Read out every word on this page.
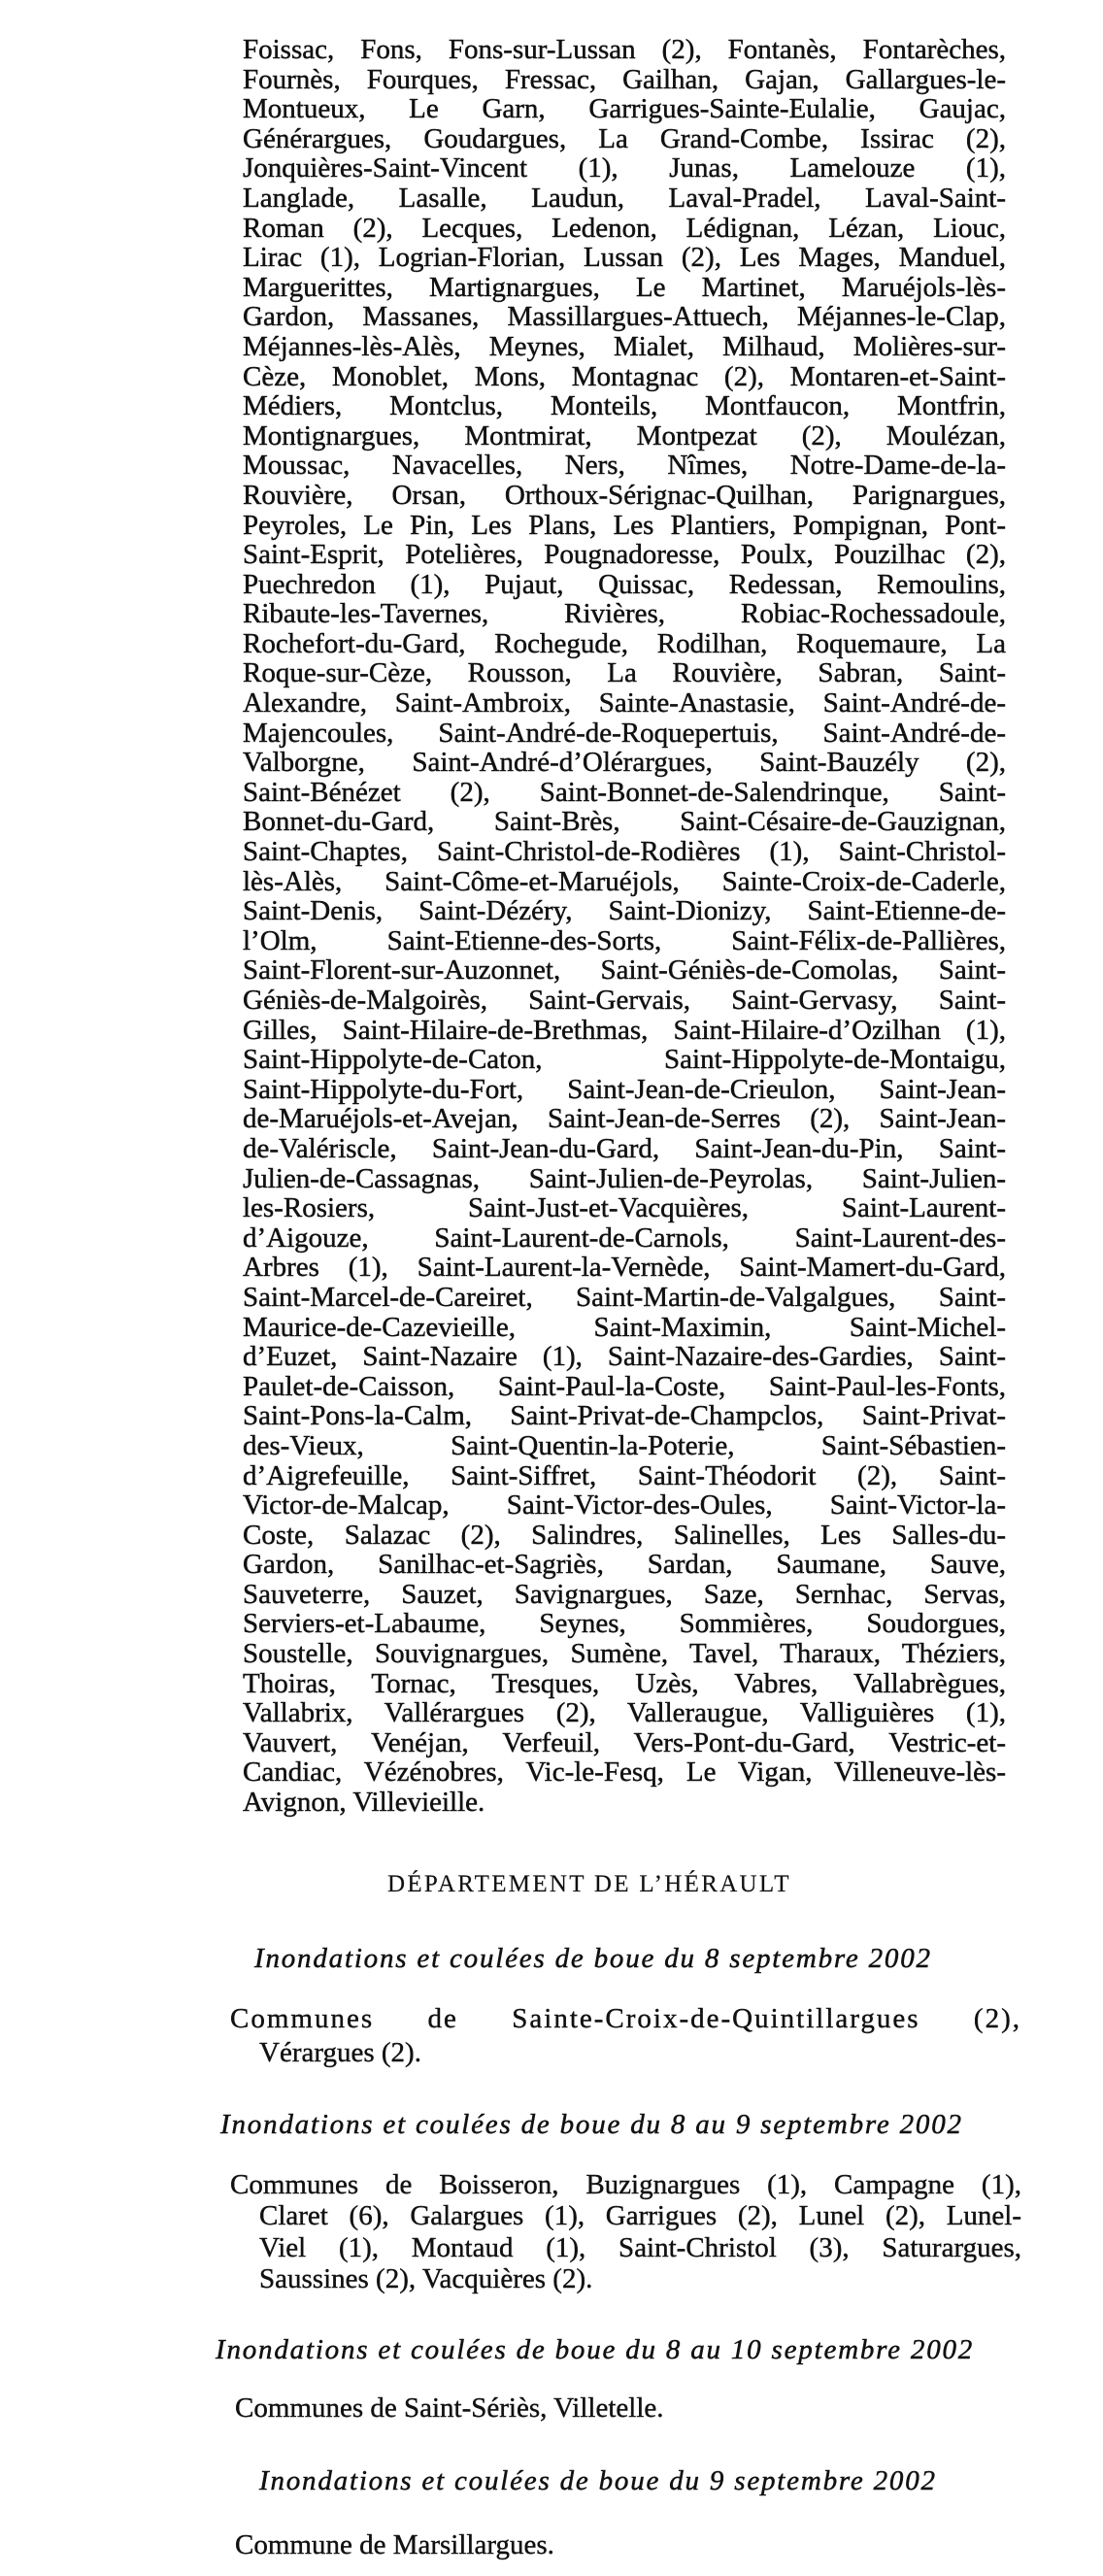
Foissac, Fons, Fons-sur-Lussan (2), Fontanès, Fontarèches,
Fournès, Fourques, Fressac, Gailhan, Gajan, Gallargues-le-
Montueux, Le Garn, Garrigues-Sainte-Eulalie, Gaujac,
Générargues, Goudargues, La Grand-Combe, Issirac (2),
Jonquières-Saint-Vincent (1), Junas, Lamelouze (1),
Langlade, Lasalle, Laudun, Laval-Pradel, Laval-Saint-
Roman (2), Lecques, Ledenon, Lédignan, Lézan, Liouc,
Lirac (1), Logrian-Florian, Lussan (2), Les Mages, Manduel,
Marguerittes, Martignargues, Le Martinet, Maruéjols-lès-
Gardon, Massanes, Massillargues-Attuech, Méjannes-le-Clap,
Méjannes-lès-Alès, Meynes, Mialet, Milhaud, Molières-sur-
Cèze, Monoblet, Mons, Montagnac (2), Montaren-et-Saint-
Médiers, Montclus, Monteils, Montfaucon, Montfrin,
Montignargues, Montmirat, Montpezat (2), Moulézan,
Moussac, Navacelles, Ners, Nîmes, Notre-Dame-de-la-
Rouvière, Orsan, Orthoux-Sérignac-Quilhan, Parignargues,
Peyroles, Le Pin, Les Plans, Les Plantiers, Pompignan, Pont-
Saint-Esprit, Potelières, Pougnadoresse, Poulx, Pouzilhac (2),
Puechredon (1), Pujaut, Quissac, Redessan, Remoulins,
Ribaute-les-Tavernes, Rivières, Robiac-Rochessadoule,
Rochefort-du-Gard, Rochegude, Rodilhan, Roquemaure, La
Roque-sur-Cèze, Rousson, La Rouvière, Sabran, Saint-
Alexandre, Saint-Ambroix, Sainte-Anastasie, Saint-André-de-
Majencoules, Saint-André-de-Roquepertuis, Saint-André-de-
Valborgne, Saint-André-d’Olérargues, Saint-Bauzély (2),
Saint-Bénézet (2), Saint-Bonnet-de-Salendrinque, Saint-
Bonnet-du-Gard, Saint-Brès, Saint-Césaire-de-Gauzignan,
Saint-Chaptes, Saint-Christol-de-Rodières (1), Saint-Christol-
lès-Alès, Saint-Côme-et-Maruéjols, Sainte-Croix-de-Caderle,
Saint-Denis, Saint-Dézéry, Saint-Dionizy, Saint-Etienne-de-
l’Olm, Saint-Etienne-des-Sorts, Saint-Félix-de-Pallières,
Saint-Florent-sur-Auzonnet, Saint-Géniès-de-Comolas, Saint-
Géniès-de-Malgoirès, Saint-Gervais, Saint-Gervasy, Saint-
Gilles, Saint-Hilaire-de-Brethmas, Saint-Hilaire-d’Ozilhan (1),
Saint-Hippolyte-de-Caton, Saint-Hippolyte-de-Montaigu,
Saint-Hippolyte-du-Fort, Saint-Jean-de-Crieulon, Saint-Jean-
de-Maruéjols-et-Avejan, Saint-Jean-de-Serres (2), Saint-Jean-
de-Valériscle, Saint-Jean-du-Gard, Saint-Jean-du-Pin, Saint-
Julien-de-Cassagnas, Saint-Julien-de-Peyrolas, Saint-Julien-
les-Rosiers, Saint-Just-et-Vacquières, Saint-Laurent-
d’Aigouze, Saint-Laurent-de-Carnols, Saint-Laurent-des-
Arbres (1), Saint-Laurent-la-Vernède, Saint-Mamert-du-Gard,
Saint-Marcel-de-Careiret, Saint-Martin-de-Valgalgues, Saint-
Maurice-de-Cazevieille, Saint-Maximin, Saint-Michel-
d’Euzet, Saint-Nazaire (1), Saint-Nazaire-des-Gardies, Saint-
Paulet-de-Caisson, Saint-Paul-la-Coste, Saint-Paul-les-Fonts,
Saint-Pons-la-Calm, Saint-Privat-de-Champclos, Saint-Privat-
des-Vieux, Saint-Quentin-la-Poterie, Saint-Sébastien-
d’Aigrefeuille, Saint-Siffret, Saint-Théodorit (2), Saint-
Victor-de-Malcap, Saint-Victor-des-Oules, Saint-Victor-la-
Coste, Salazac (2), Salindres, Salinelles, Les Salles-du-
Gardon, Sanilhac-et-Sagriès, Sardan, Saumane, Sauve,
Sauveterre, Sauzet, Savignargues, Saze, Sernhac, Servas,
Serviers-et-Labaume, Seynes, Sommières, Soudorgues,
Soustelle, Souvignargues, Sumène, Tavel, Tharaux, Théziers,
Thoiras, Tornac, Tresques, Uzès, Vabres, Vallabrègues,
Vallabrix, Vallérargues (2), Valleraugue, Valliguières (1),
Vauvert, Venéjan, Verfeuil, Vers-Pont-du-Gard, Vestric-et-
Candiac, Vézénobres, Vic-le-Fesq, Le Vigan, Villeneuve-lès-
Avignon, Villevieille.
DÉPARTEMENT DE L’HÉRAULT
Inondations et coulées de boue du 8 septembre 2002
Communes de Sainte-Croix-de-Quintillargues (2),
Vérargues (2).
Inondations et coulées de boue du 8 au 9 septembre 2002
Communes de Boisseron, Buzignargues (1), Campagne (1),
Claret (6), Galargues (1), Garrigues (2), Lunel (2), Lunel-
Viel (1), Montaud (1), Saint-Christol (3), Saturargues,
Saussines (2), Vacquières (2).
Inondations et coulées de boue du 8 au 10 septembre 2002
Communes de Saint-Sériès, Villetelle.
Inondations et coulées de boue du 9 septembre 2002
Commune de Marsillargues.
